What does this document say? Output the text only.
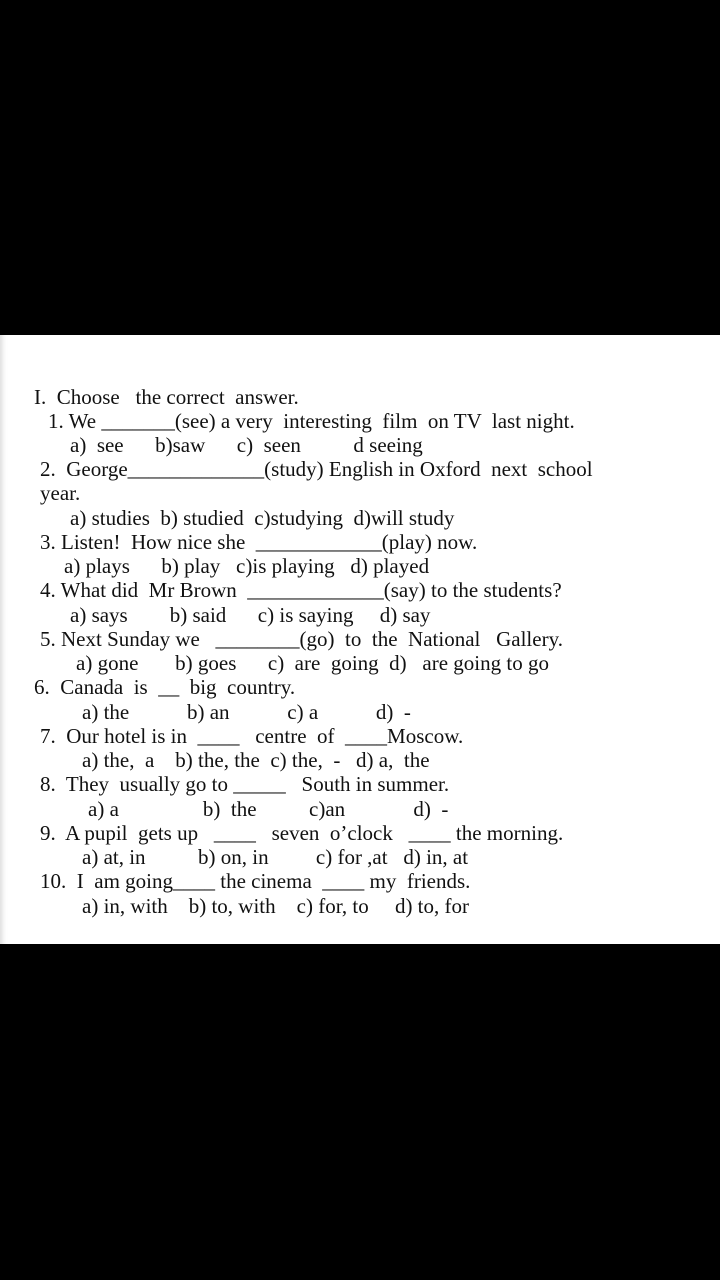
I.  Choose   the correct  answer.
1. We _______(see) a very  interesting  film  on TV  last night.
a)  see      b)saw      c)  seen          d seeing
2.  George_____________(study) English in Oxford  next  school
year.
a) studies  b) studied  c)studying  d)will study
3. Listen!  How nice she  ____________(play) now.
a) plays      b) play   c)is playing   d) played
4. What did  Mr Brown  _____________(say) to the students?
a) says        b) said      c) is saying     d) say
5. Next Sunday we   ________(go)  to  the  National   Gallery.
a) gone       b) goes      c)  are  going  d)   are going to go
6.  Canada  is  __  big  country.
a) the           b) an           c) a           d)  -
7.  Our hotel is in  ____   centre  of  ____Moscow.
a) the,  a    b) the, the  c) the,  -   d) a,  the
8.  They  usually go to _____   South in summer.
a) a                b)  the          c)an             d)  -
9.  A pupil  gets up   ____   seven  o’clock   ____ the morning.
a) at, in          b) on, in         c) for ,at   d) in, at
10.  I  am going____ the cinema  ____ my  friends.
a) in, with    b) to, with    c) for, to     d) to, for
